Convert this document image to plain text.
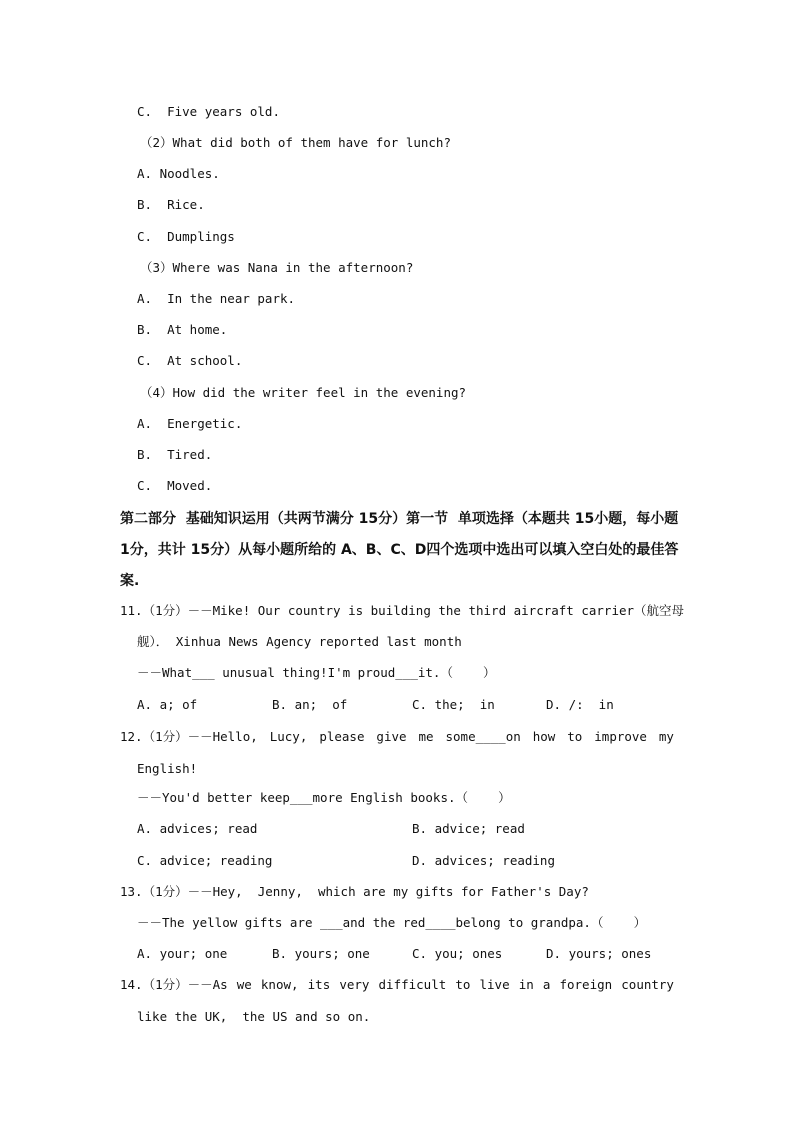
C.  Five years old.
（2）What did both of them have for lunch?
A. Noodles.
B.  Rice.
C.  Dumplings
（3）Where was Nana in the afternoon?
A.  In the near park.
B.  At home.
C.  At school.
（4）How did the writer feel in the evening?
A.  Energetic.
B.  Tired.
C.  Moved.
第二部分  基础知识运用（共两节满分 15分）第一节  单项选择（本题共 15小题，每小题
1分，共计 15分）从每小题所给的 A、B、C、D四个选项中选出可以填入空白处的最佳答
案.
11.（1分）－－Mike! Our country is building the third aircraft carrier（航空母
舰）． Xinhua News Agency reported last month
－－What___ unusual thing!I'm proud___it.（    ）
A. a; of	B. an;  of	C. the;  in	D. /:  in
12.（1分）－－Hello, Lucy, please give me some____on how to improve my
English!
－－You'd better keep___more English books.（    ）
A. advices; read	B. advice; read
C. advice; reading	D. advices; reading
13.（1分）－－Hey,  Jenny,  which are my gifts for Father's Day?
－－The yellow gifts are ___and the red____belong to grandpa.（    ）
A. your; one	B. yours; one	C. you; ones	D. yours; ones
14.（1分）－－As we know, its very difficult to live in a foreign country
like the UK,  the US and so on.
